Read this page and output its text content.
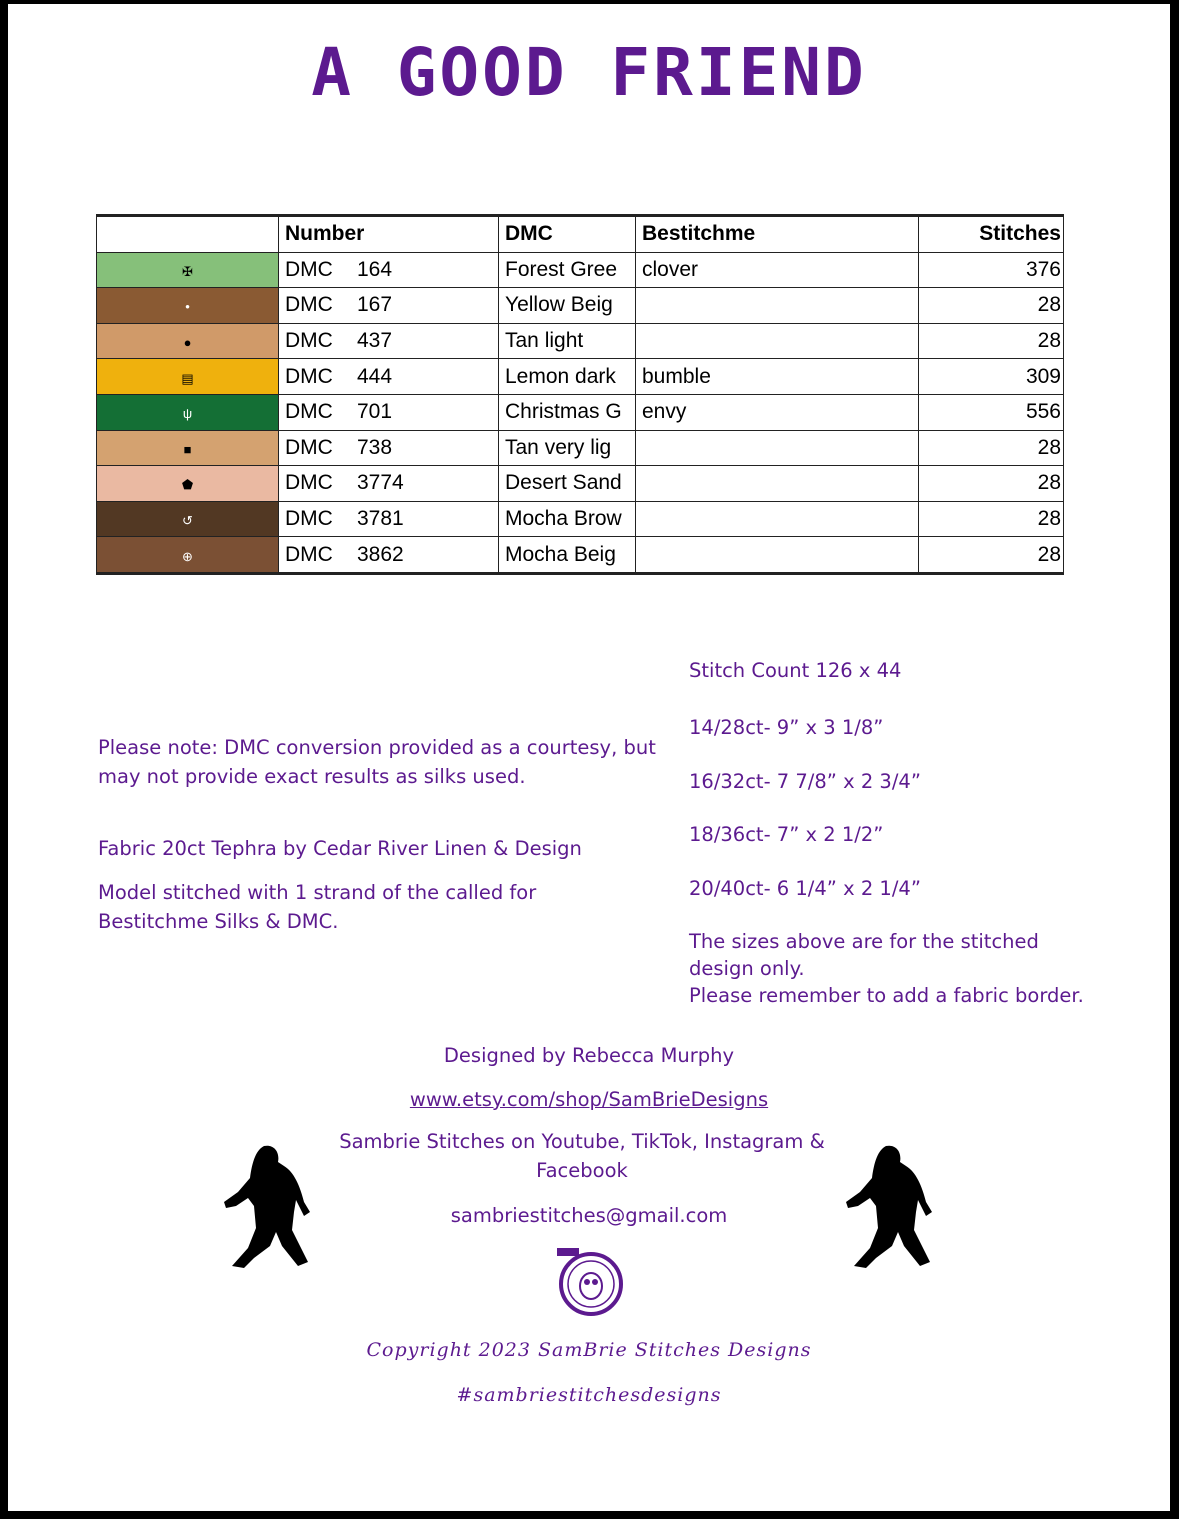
A GOOD FRIEND
	Number	DMC	Bestitchme	Stitches
✠	DMC 164	Forest Gree	clover	376
•	DMC 167	Yellow Beig		28
●	DMC 437	Tan light		28
▤	DMC 444	Lemon dark	bumble	309
ψ	DMC 701	Christmas G	envy	556
■	DMC 738	Tan very lig		28
⬟	DMC 3774	Desert Sand		28
↺	DMC 3781	Mocha Brow		28
⊕	DMC 3862	Mocha Beig		28
Please note: DMC conversion provided as a courtesy, but may not provide exact results as silks used.
Fabric 20ct Tephra by Cedar River Linen & Design
Model stitched with 1 strand of the called for Bestitchme Silks & DMC.
Stitch Count 126 x 44
14/28ct- 9” x 3 1/8”
16/32ct- 7 7/8” x 2 3/4”
18/36ct- 7” x 2 1/2”
20/40ct- 6 1/4” x 2 1/4”
The sizes above are for the stitched design only.
Please remember to add a fabric border.
Designed by Rebecca Murphy
www.etsy.com/shop/SamBrieDesigns
Sambrie Stitches on Youtube, TikTok, Instagram & Facebook
sambriestitches@gmail.com
Copyright 2023 SamBrie Stitches Designs
#sambriestitchesdesigns
